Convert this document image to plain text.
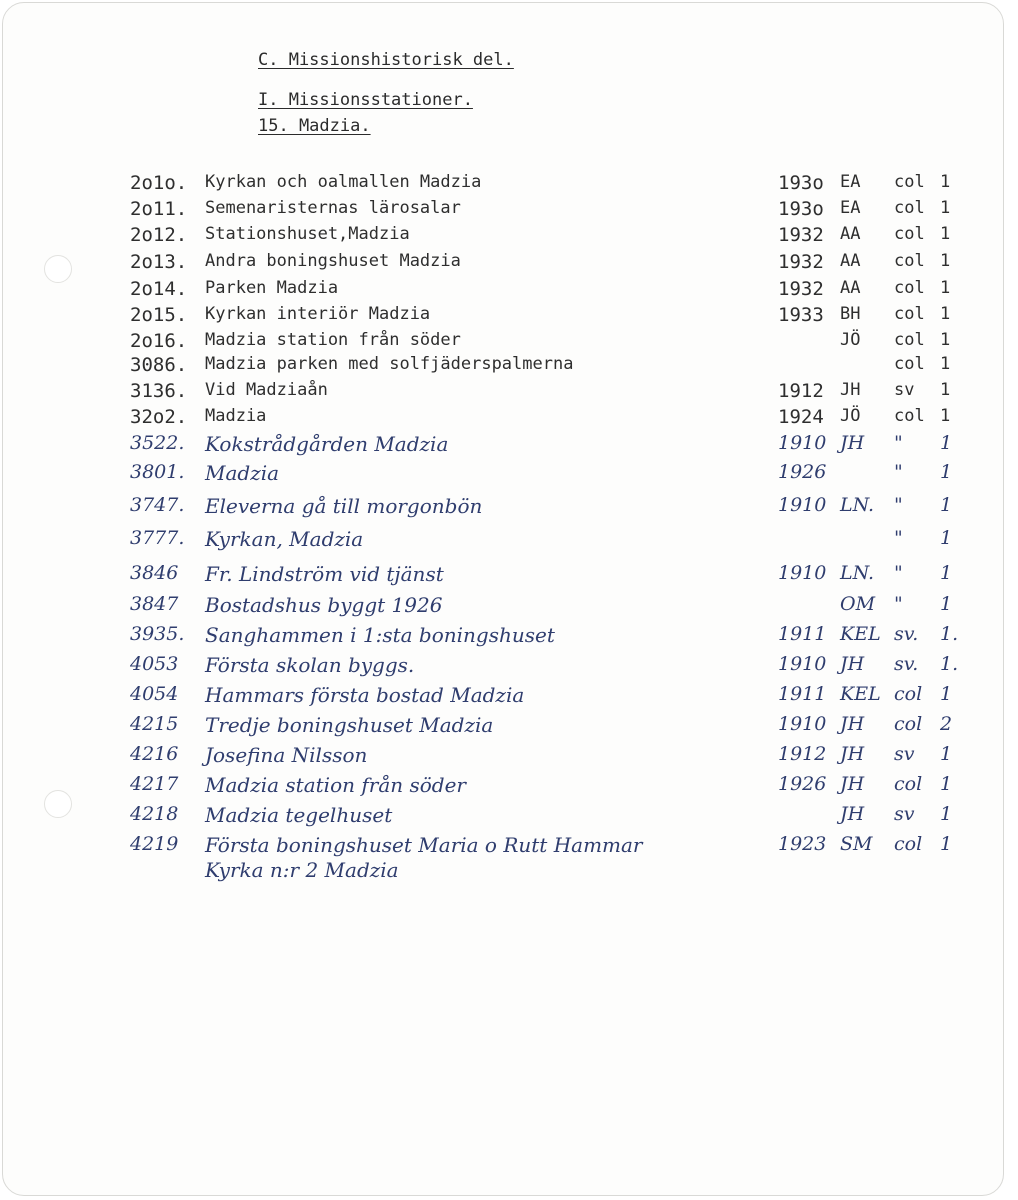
C. Missionshistorisk del.
I. Missionsstationer.
15. Madzia.
2o1o. Kyrkan och oalmallen Madzia	193o EA col 1
2o11. Semenaristernas lärosalar	193o EA col 1
2o12. Stationshuset,Madzia	1932 AA col 1
2o13. Andra boningshuset Madzia	1932 AA col 1
2o14. Parken Madzia	1932 AA col 1
2o15. Kyrkan interiör Madzia	1933 BH col 1
2o16. Madzia station från söder	JÖ col 1
3086. Madzia parken med solfjäderspalmerna	col 1
3136. Vid Madziaån	1912 JH sv 1
32o2. Madzia	1924 JÖ col 1
3522. Kokstrådgården Madzia	1910 JH " 1
3801. Madzia	1926	" 1
3747. Eleverna gå till morgonbön	1910 LN. " 1
3777. Kyrkan, Madzia	" 1
3846 Fr. Lindström vid tjänst	1910 LN. " 1
3847 Bostadshus byggt 1926	OM " 1
3935. Sanghammen i 1:sta boningshuset	1911 KEL sv. 1.
4053 Första skolan byggs.	1910 JH sv. 1.
4054 Hammars första bostad Madzia	1911 KEL col 1
4215 Tredje boningshuset Madzia	1910 JH col 2
4216 Josefina Nilsson	1912 JH sv 1
4217 Madzia station från söder	1926 JH col 1
4218 Madzia tegelhuset	JH sv 1
4219 Första boningshuset Maria o Rutt Hammar	1923 SM col 1
Kyrka n:r 2 Madzia
